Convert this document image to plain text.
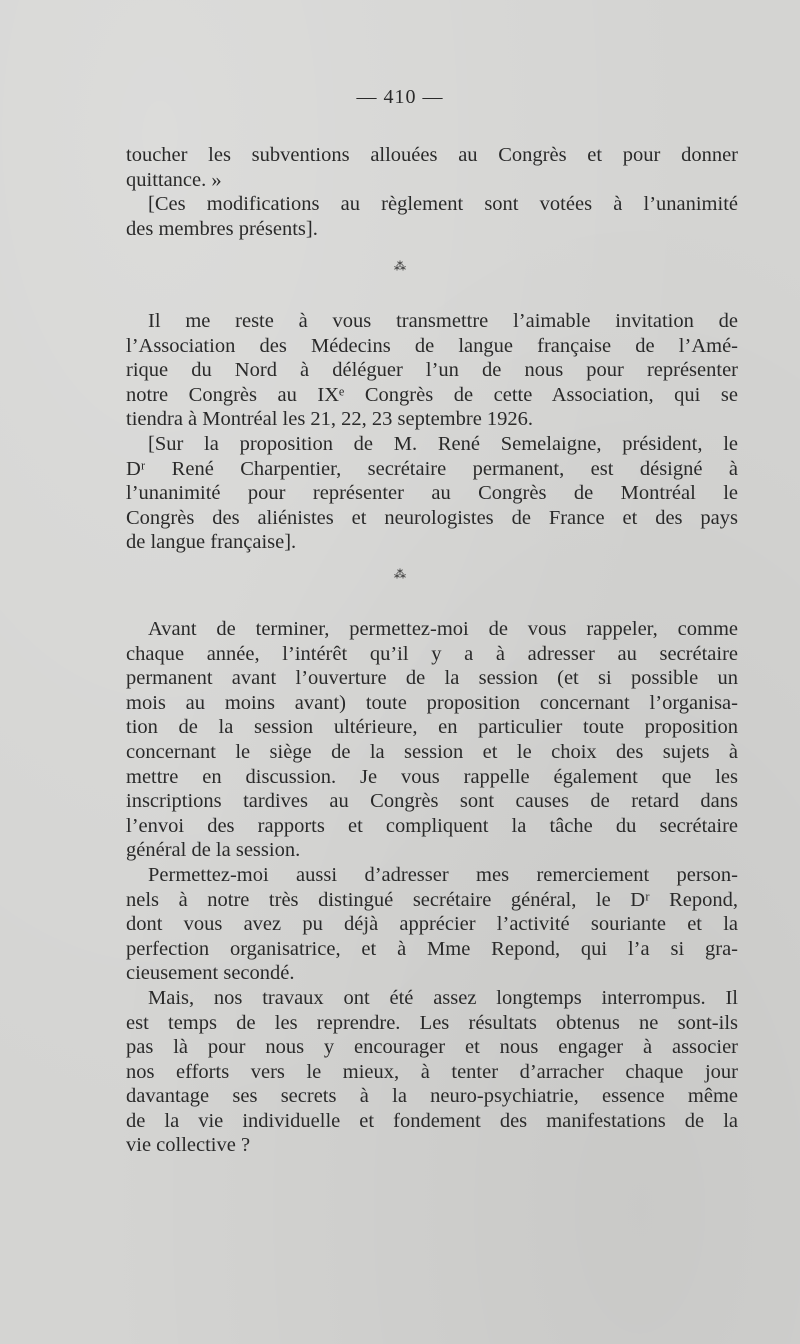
— 410 —
toucher les subventions allouées au Congrès et pour donner
quittance. »
[Ces modifications au règlement sont votées à l’unanimité
des membres présents].
⁂
Il me reste à vous transmettre l’aimable invitation de
l’Association des Médecins de langue française de l’Amé-
rique du Nord à déléguer l’un de nous pour représenter
notre Congrès au IXᵉ Congrès de cette Association, qui se
tiendra à Montréal les 21, 22, 23 septembre 1926.
[Sur la proposition de M. René Semelaigne, président, le
Dʳ René Charpentier, secrétaire permanent, est désigné à
l’unanimité pour représenter au Congrès de Montréal le
Congrès des aliénistes et neurologistes de France et des pays
de langue française].
⁂
Avant de terminer, permettez-moi de vous rappeler, comme
chaque année, l’intérêt qu’il y a à adresser au secrétaire
permanent avant l’ouverture de la session (et si possible un
mois au moins avant) toute proposition concernant l’organisa-
tion de la session ultérieure, en particulier toute proposition
concernant le siège de la session et le choix des sujets à
mettre en discussion. Je vous rappelle également que les
inscriptions tardives au Congrès sont causes de retard dans
l’envoi des rapports et compliquent la tâche du secrétaire
général de la session.
Permettez-moi aussi d’adresser mes remerciement person-
nels à notre très distingué secrétaire général, le Dʳ Repond,
dont vous avez pu déjà apprécier l’activité souriante et la
perfection organisatrice, et à Mme Repond, qui l’a si gra-
cieusement secondé.
Mais, nos travaux ont été assez longtemps interrompus. Il
est temps de les reprendre. Les résultats obtenus ne sont-ils
pas là pour nous y encourager et nous engager à associer
nos efforts vers le mieux, à tenter d’arracher chaque jour
davantage ses secrets à la neuro-psychiatrie, essence même
de la vie individuelle et fondement des manifestations de la
vie collective ?
